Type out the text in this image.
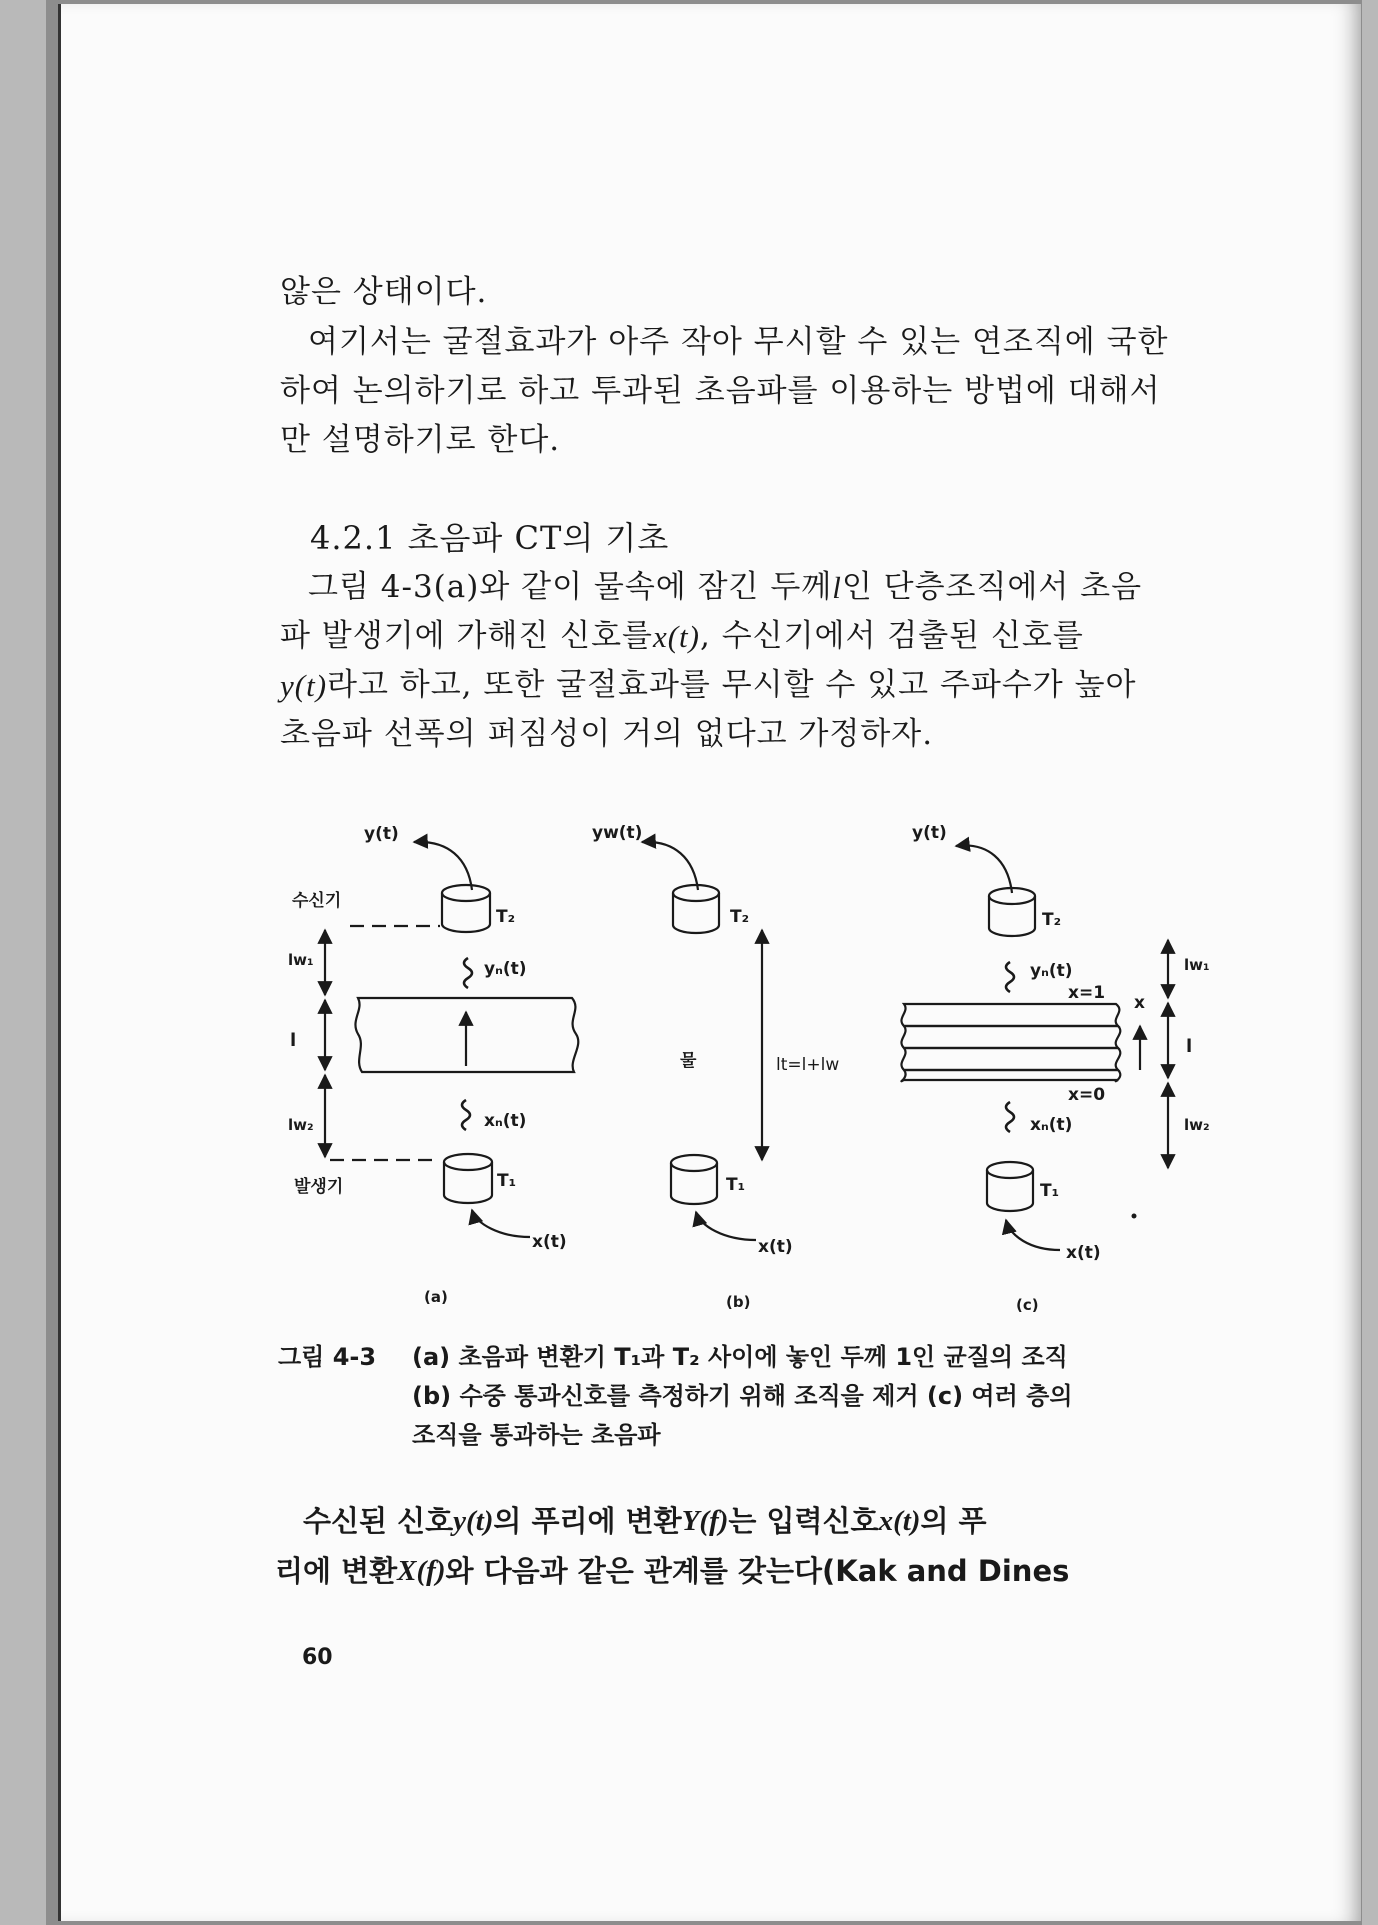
않은 상태이다.
여기서는 굴절효과가 아주 작아 무시할 수 있는 연조직에 국한
하여 논의하기로 하고 투과된 초음파를 이용하는 방법에 대해서
만 설명하기로 한다.
4.2.1 초음파 CT의 기초
그림 4-3(a)와 같이 물속에 잠긴 두께 l 인 단층조직에서 초음
파 발생기에 가해진 신호를 x(t) , 수신기에서 검출된 신호를
y(t) 라고 하고, 또한 굴절효과를 무시할 수 있고 주파수가 높아
초음파 선폭의 퍼짐성이 거의 없다고 가정하자.
y(t)
수신기
T₂
lw₁	yₙ(t)
l
xₙ(t)
lw₂
발생기	T₁
x(t)
(a)
yw(t)
T₂
물	lt=l+lw
T₁
x(t)
(b)
y(t)
T₂
yₙ(t)
x=1 x
lw₁
l
x=0
xₙ(t)	lw₂
T₁
x(t)
(c)
그림 4-3 (a) 초음파 변환기 T₁과 T₂ 사이에 놓인 두께 1인 균질의 조직
(b) 수중 통과신호를 측정하기 위해 조직을 제거 (c) 여러 층의
조직을 통과하는 초음파
수신된 신호 y(t) 의 푸리에 변환 Y(f) 는 입력신호 x(t) 의 푸
리에 변환 X(f) 와 다음과 같은 관계를 갖는다(Kak and Dines
60
